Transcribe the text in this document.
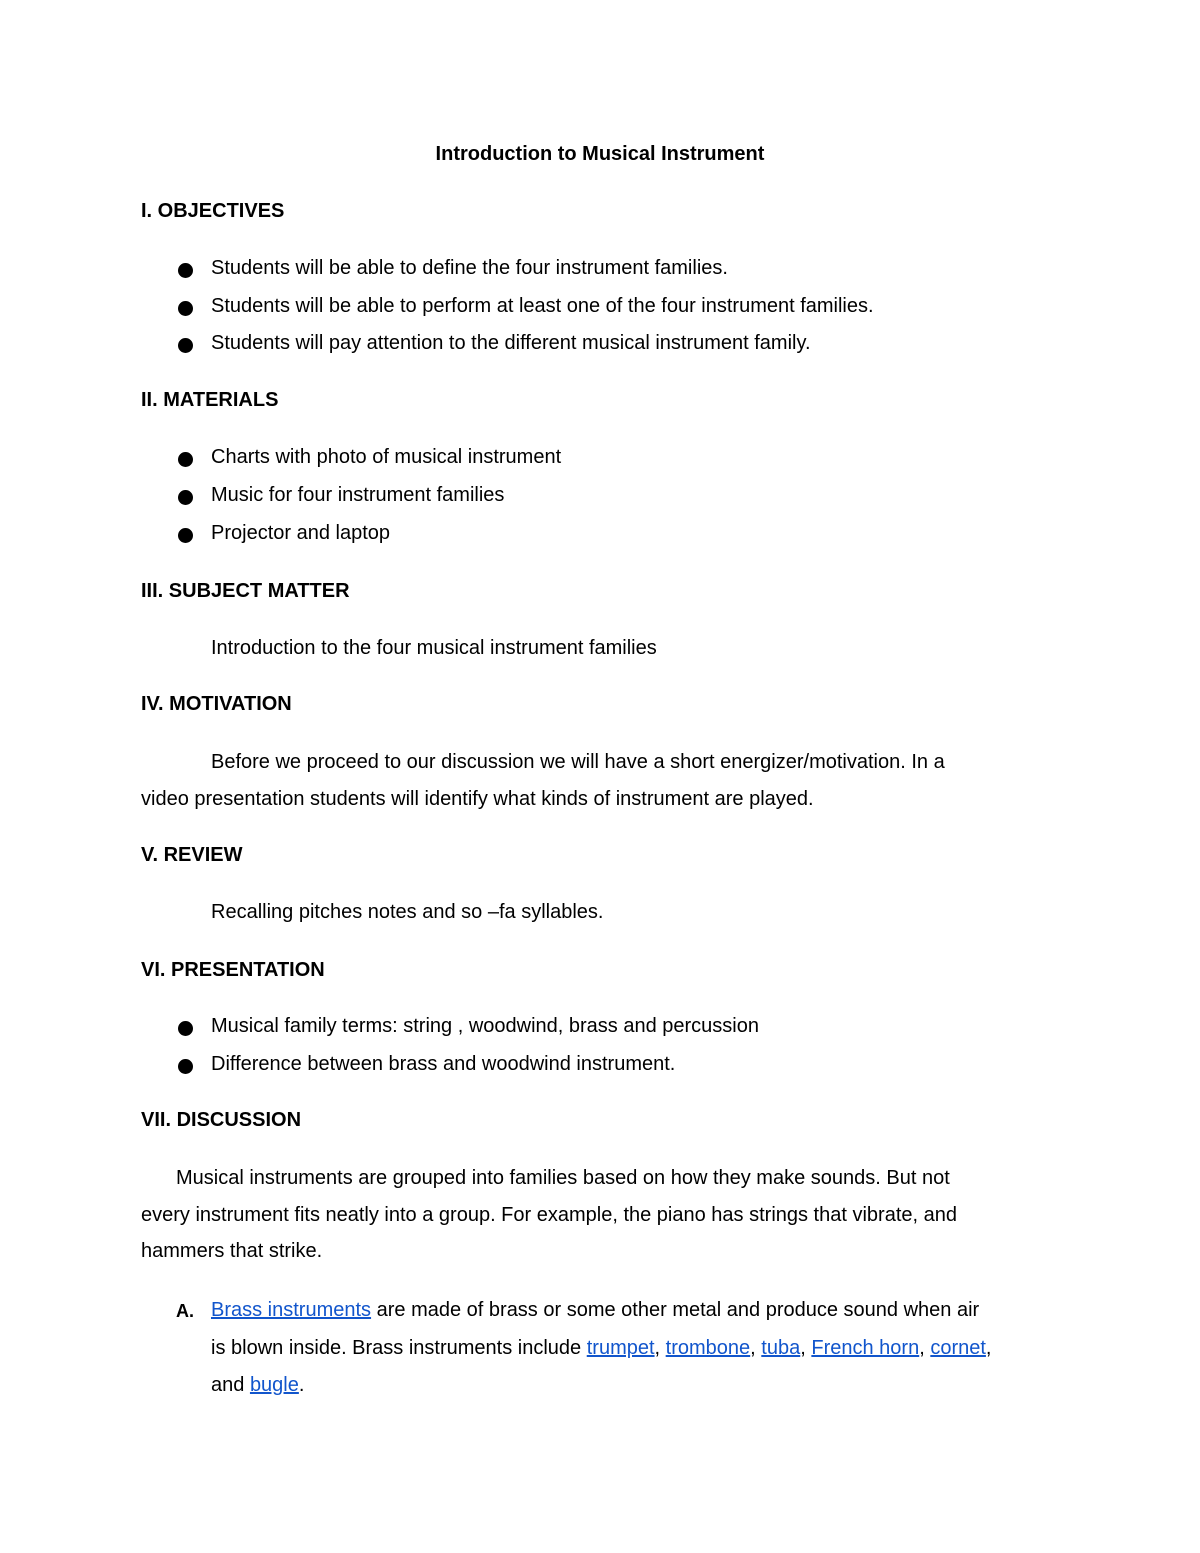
Introduction to Musical Instrument
I. OBJECTIVES
Students will be able to define the four instrument families.
Students will be able to perform at least one of the four instrument families.
Students will pay attention to the different musical instrument family.
II. MATERIALS
Charts with photo of musical instrument
Music for four instrument families
Projector and laptop
III. SUBJECT MATTER
Introduction to the four musical instrument families
IV. MOTIVATION
Before we proceed to our discussion we will have a short energizer/motivation. In a
video presentation students will identify what kinds of instrument are played.
V. REVIEW
Recalling pitches notes and so –fa syllables.
VI. PRESENTATION
Musical family terms: string , woodwind, brass and percussion
Difference between brass and woodwind instrument.
VII. DISCUSSION
Musical instruments are grouped into families based on how they make sounds. But not
every instrument fits neatly into a group. For example, the piano has strings that vibrate, and
hammers that strike.
A. Brass instruments are made of brass or some other metal and produce sound when air
is blown inside. Brass instruments include trumpet, trombone, tuba, French horn, cornet,
and bugle.
